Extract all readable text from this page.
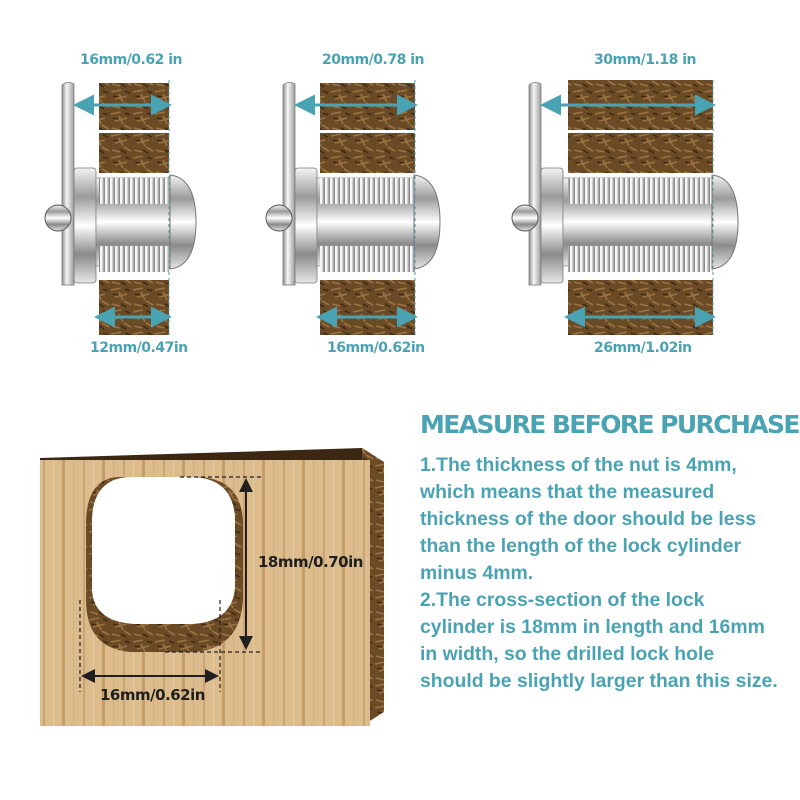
16mm/0.62 in
12mm/0.47in
20mm/0.78 in
16mm/0.62in
30mm/1.18 in
26mm/1.02in
18mm/0.70in
16mm/0.62in
MEASURE BEFORE PURCHASE

1.The thickness of the nut is 4mm, which means that the measured thickness of the door should be less than the length of the lock cylinder minus 4mm.

2.The cross-section of the lock cylinder is 18mm in length and 16mm in width, so the drilled lock hole should be slightly larger than this size.
